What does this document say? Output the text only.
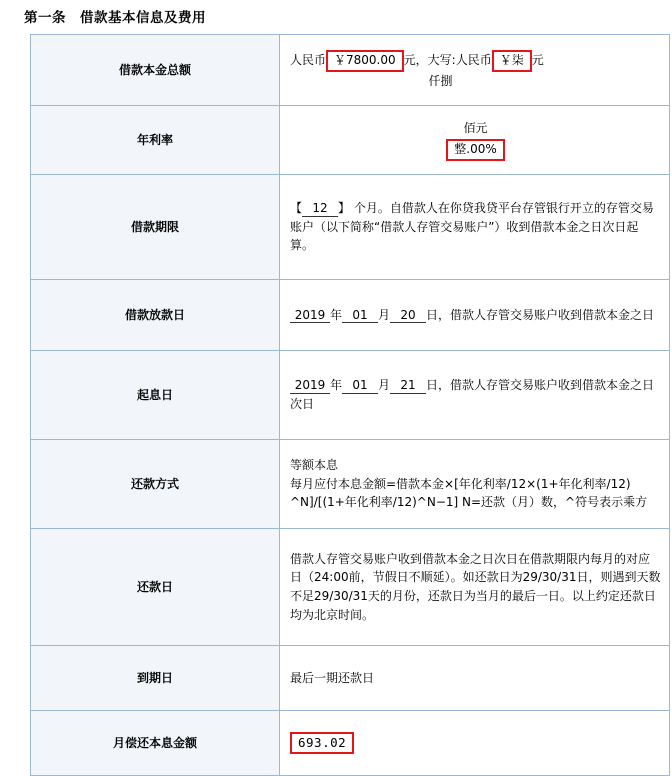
第一条 借款基本信息及费用
借款本金总额	人民币 ￥7800.00 元，大写:人民币 ￥柒 元
仟捌

年利率	佰元
整.00%

借款期限	【 12 】 个月。自借款人在你贷我贷平台存管银行开立的存管交易账户（以下简称“借款人存管交易账户”）收到借款本金之日次日起算。
借款放款日	2019 年 01 月 20 日，借款人存管交易账户收到借款本金之日
起息日	2019 年 01 月 21 日，借款人存管交易账户收到借款本金之日次日
还款方式	等额本息
每月应付本息金额=借款本金×[年化利率/12×(1+年化利率/12)
^N]/[(1+年化利率/12)^N−1] N=还款（月）数，^符号表示乘方

还款日	借款人存管交易账户收到借款本金之日次日在借款期限内每月的对应日（24:00前，节假日不顺延）。如还款日为29/30/31日，则遇到天数不足29/30/31天的月份，还款日为当月的最后一日。以上约定还款日均为北京时间。
到期日	最后一期还款日
月偿还本息金额	693.02
